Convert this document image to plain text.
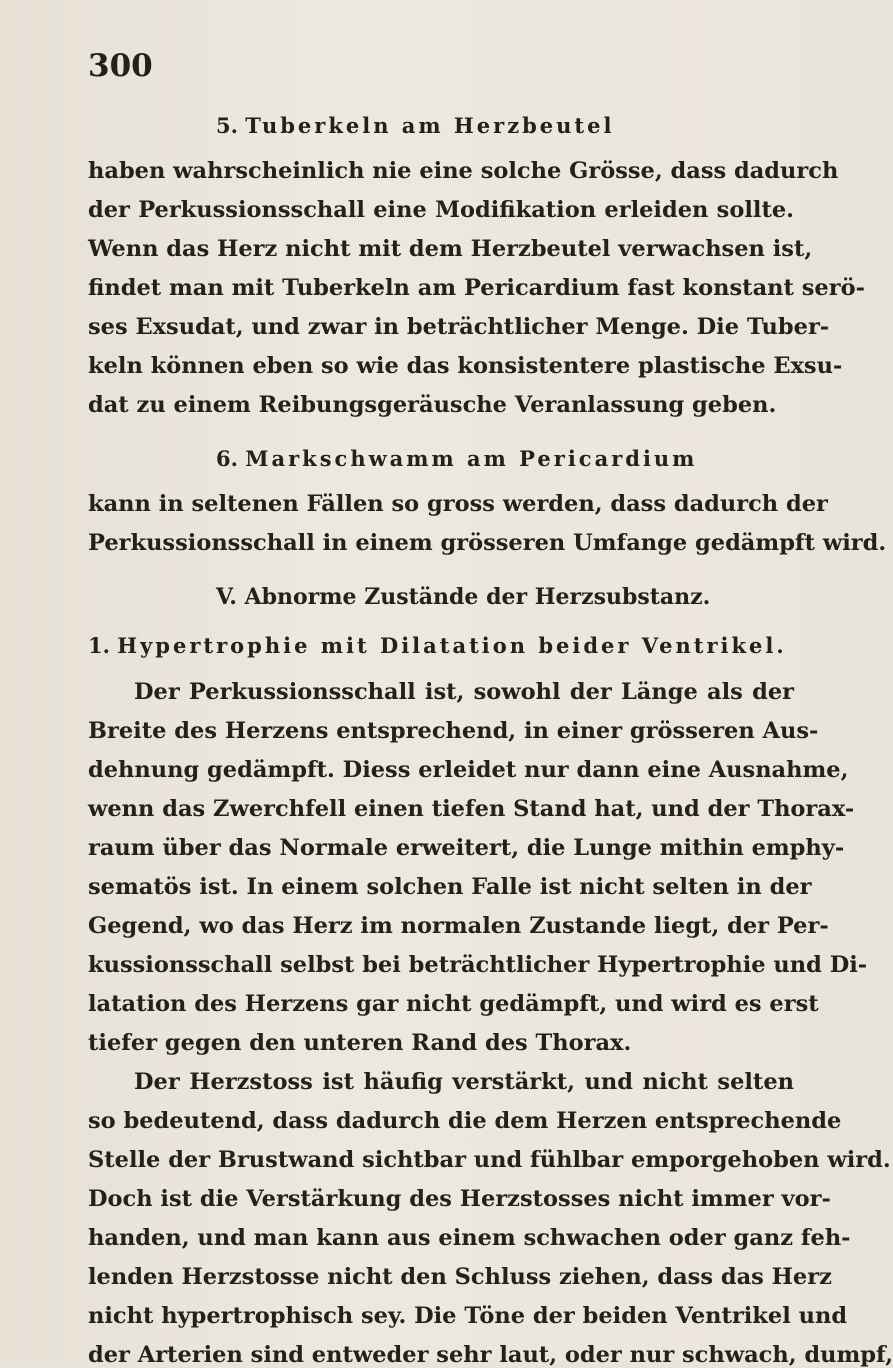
300
5. Tuberkeln am Herzbeutel
haben wahrscheinlich nie eine solche Grösse, dass dadurch
der Perkussionsschall eine Modifikation erleiden sollte.
Wenn das Herz nicht mit dem Herzbeutel verwachsen ist,
findet man mit Tuberkeln am Pericardium fast konstant serö-
ses Exsudat, und zwar in beträchtlicher Menge. Die Tuber-
keln können eben so wie das konsistentere plastische Exsu-
dat zu einem Reibungsgeräusche Veranlassung geben.
6. Markschwamm am Pericardium
kann in seltenen Fällen so gross werden, dass dadurch der
Perkussionsschall in einem grösseren Umfange gedämpft wird.
V. Abnorme Zustände der Herzsubstanz.
1. Hypertrophie mit Dilatation beider Ventrikel.
Der Perkussionsschall ist, sowohl der Länge als der
Breite des Herzens entsprechend, in einer grösseren Aus-
dehnung gedämpft. Diess erleidet nur dann eine Ausnahme,
wenn das Zwerchfell einen tiefen Stand hat, und der Thorax-
raum über das Normale erweitert, die Lunge mithin emphy-
sematös ist. In einem solchen Falle ist nicht selten in der
Gegend, wo das Herz im normalen Zustande liegt, der Per-
kussionsschall selbst bei beträchtlicher Hypertrophie und Di-
latation des Herzens gar nicht gedämpft, und wird es erst
tiefer gegen den unteren Rand des Thorax.
Der Herzstoss ist häufig verstärkt, und nicht selten
so bedeutend, dass dadurch die dem Herzen entsprechende
Stelle der Brustwand sichtbar und fühlbar emporgehoben wird.
Doch ist die Verstärkung des Herzstosses nicht immer vor-
handen, und man kann aus einem schwachen oder ganz feh-
lenden Herzstosse nicht den Schluss ziehen, dass das Herz
nicht hypertrophisch sey. Die Töne der beiden Ventrikel und
der Arterien sind entweder sehr laut, oder nur schwach, dumpf,
